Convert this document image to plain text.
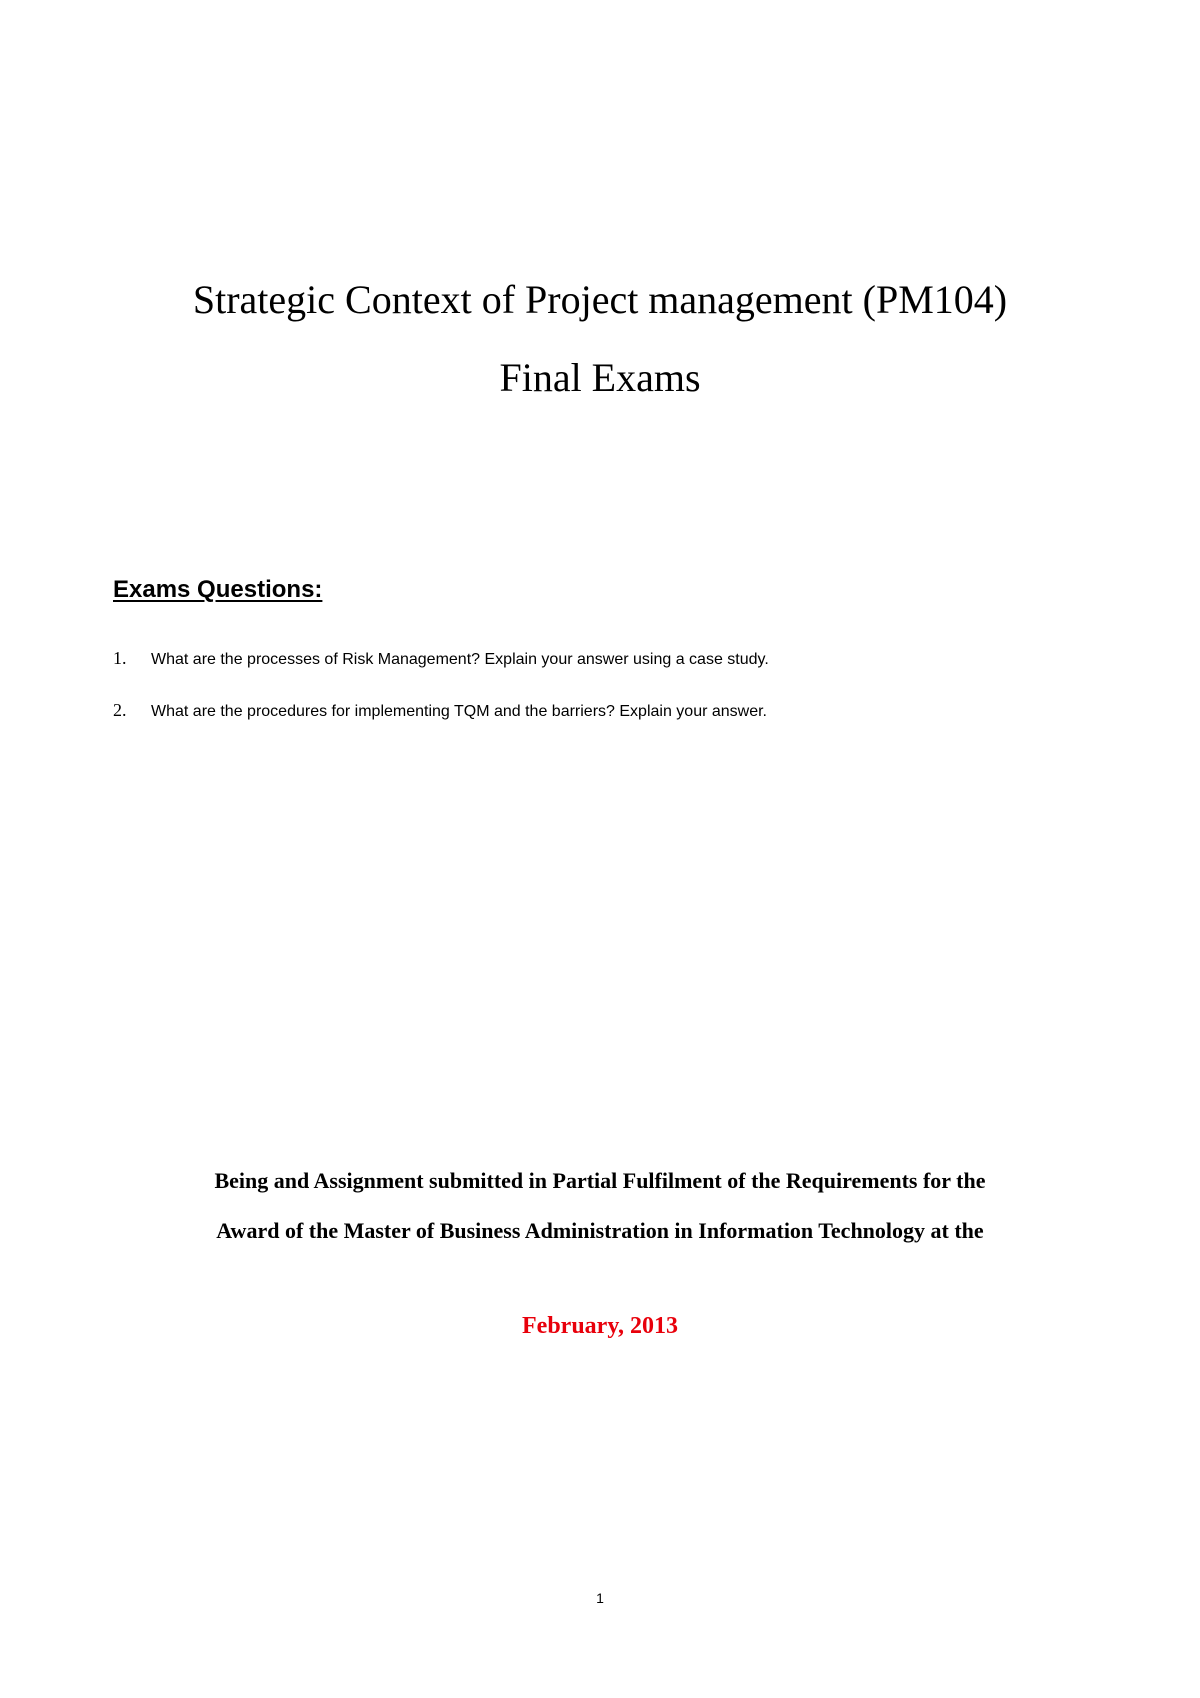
Strategic Context of Project management (PM104)
Final Exams
Exams Questions:
1.	What are the processes of Risk Management? Explain your answer using a case study.
2.	What are the procedures for implementing TQM and the barriers? Explain your answer.

Being and Assignment submitted in Partial Fulfilment of the Requirements for the

Award of the Master of Business Administration in Information Technology at the

February, 2013

1
